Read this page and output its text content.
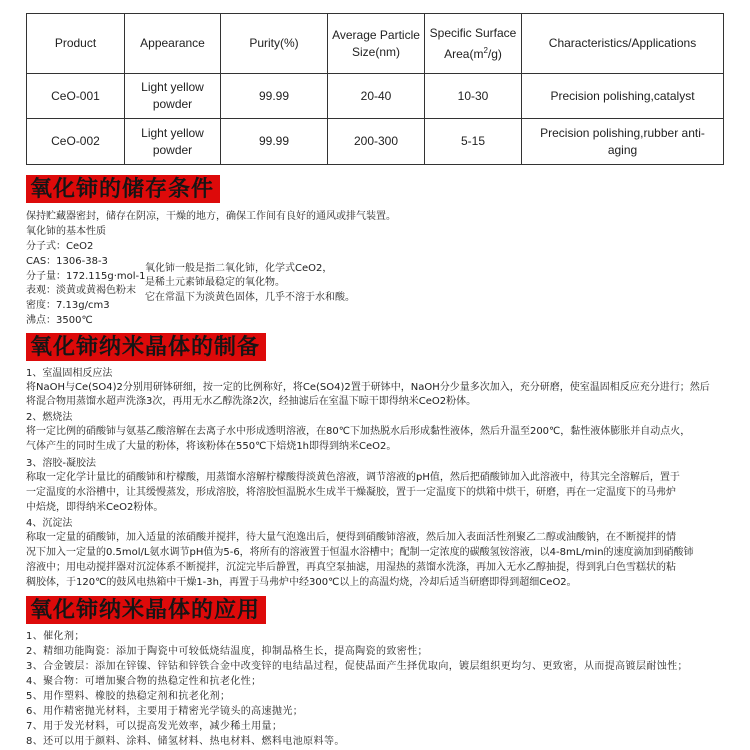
Product	Appearance	Purity(%)	Average Particle
Size(nm)	Specific Surface
$Area(m^2/g)$	Characteristics/Applications
CeO-001	Light yellow
powder	99.99	20-40	10-30	Precision polishing,catalyst
CeO-002	Light yellow
powder	99.99	200-300	5-15	Precision polishing,rubber anti-aging
氧化铈的储存条件
保持贮藏器密封，储存在阴凉，干燥的地方，确保工作间有良好的通风或排气装置。
氧化铈的基本性质
分子式：CeO2
CAS：1306-38-3
分子量：172.115g·mol-1
表观：淡黄或黄褐色粉末
密度：7.13g/cm3
沸点：3500℃
氧化铈一般是指二氧化铈，化学式CeO2，
是稀土元素铈最稳定的氧化物。
它在常温下为淡黄色固体，几乎不溶于水和酸。
氧化铈纳米晶体的制备
1、室温固相反应法
将NaOH与Ce(SO4)2分别用研钵研细，按一定的比例称好，将Ce(SO4)2置于研钵中，NaOH分少量多次加入，充分研磨，使室温固相反应充分进行；然后
将混合物用蒸馏水超声洗涤3次，再用无水乙醇洗涤2次，经抽滤后在室温下晾干即得纳米CeO2粉体。
2、燃烧法
将一定比例的硝酸铈与氨基乙酸溶解在去离子水中形成透明溶液，在80℃下加热脱水后形成黏性液体，然后升温至200℃，黏性液体膨胀并自动点火，
气体产生的同时生成了大量的粉体，将该粉体在550℃下焙烧1h即得到纳米CeO2。
3、溶胶-凝胶法
称取一定化学计量比的硝酸铈和柠檬酸，用蒸馏水溶解柠檬酸得淡黄色溶液，调节溶液的pH值，然后把硝酸铈加入此溶液中，待其完全溶解后，置于
一定温度的水浴槽中，让其缓慢蒸发，形成溶胶，将溶胶恒温脱水生成半干燥凝胶，置于一定温度下的烘箱中烘干，研磨，再在一定温度下的马弗炉
中焙烧，即得纳米CeO2粉体。
4、沉淀法
称取一定量的硝酸铈，加入适量的浓硝酸并搅拌，待大量气泡逸出后，便得到硝酸铈溶液，然后加入表面活性剂聚乙二醇或油酸钠，在不断搅拌的情
况下加入一定量的0.5mol/L氨水调节pH值为5-6，将所有的溶液置于恒温水浴槽中；配制一定浓度的碳酸氢铵溶液，以4-8mL/min的速度滴加到硝酸铈
溶液中；用电动搅拌器对沉淀体系不断搅拌，沉淀完毕后静置，再真空泵抽滤，用湿热的蒸馏水洗涤，再加入无水乙醇抽提，得到乳白色雪糕状的粘
稠胶体，于120℃的鼓风电热箱中干燥1-3h，再置于马弗炉中经300℃以上的高温灼烧，冷却后适当研磨即得到超细CeO2。
氧化铈纳米晶体的应用
1、催化剂；
2、精细功能陶瓷：添加于陶瓷中可较低烧结温度，抑制晶格生长，提高陶瓷的致密性；
3、合金镀层：添加在锌镍、锌钴和锌铁合金中改变锌的电结晶过程，促使晶面产生择优取向，镀层组织更均匀、更致密，从而提高镀层耐蚀性；
4、聚合物：可增加聚合物的热稳定性和抗老化性；
5、用作塑料、橡胶的热稳定剂和抗老化剂；
6、用作精密抛光材料，主要用于精密光学镜头的高速抛光；
7、用于发光材料，可以提高发光效率，减少稀土用量；
8、还可以用于颜料、涂料、储氢材料、热电材料、燃料电池原料等。
